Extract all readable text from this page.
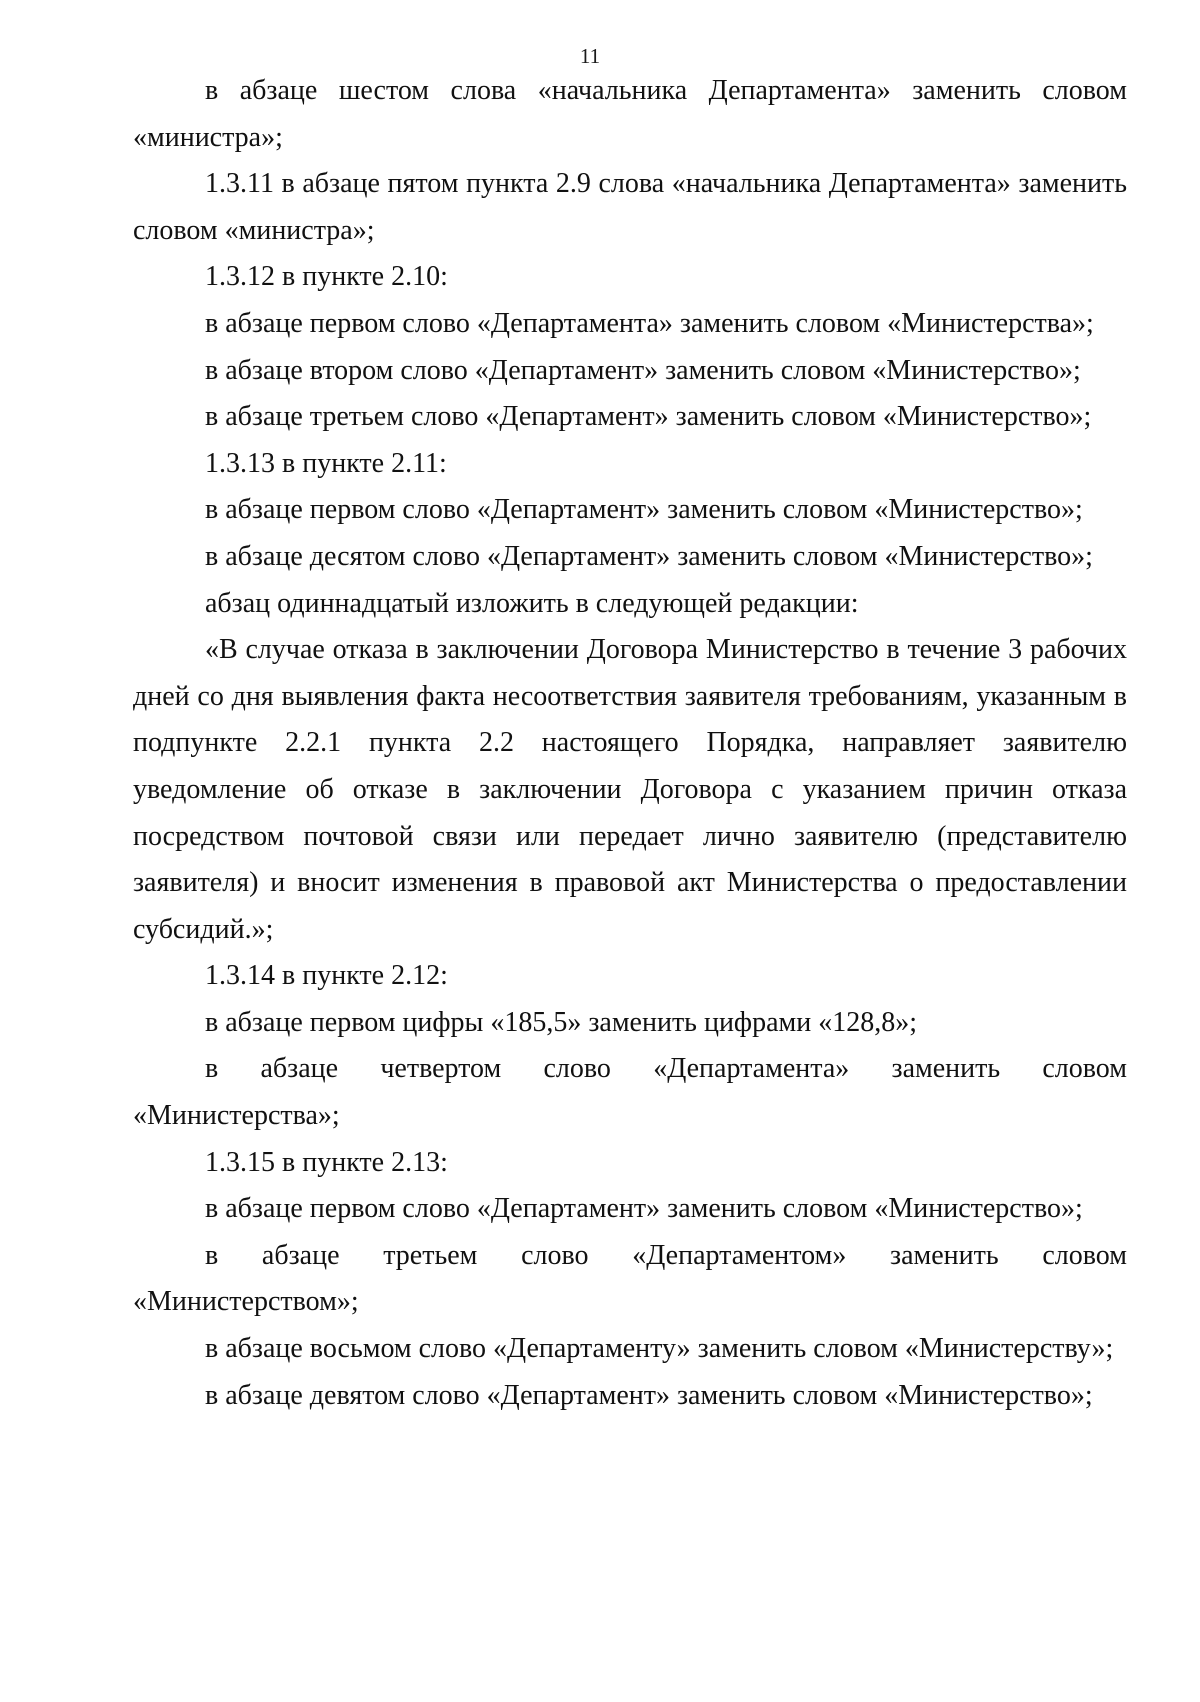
11

в абзаце шестом слова «начальника Департамента» заменить словом «министра»;

1.3.11 в абзаце пятом пункта 2.9 слова «начальника Департамента» заменить словом «министра»;

1.3.12 в пункте 2.10:

в абзаце первом слово «Департамента» заменить словом «Министерства»;

в абзаце втором слово «Департамент» заменить словом «Министерство»;

в абзаце третьем слово «Департамент» заменить словом «Министерство»;

1.3.13 в пункте 2.11:

в абзаце первом слово «Департамент» заменить словом «Министерство»;

в абзаце десятом слово «Департамент» заменить словом «Министерство»;

абзац одиннадцатый изложить в следующей редакции:

«В случае отказа в заключении Договора Министерство в течение 3 рабочих дней со дня выявления факта несоответствия заявителя требованиям, указанным в подпункте 2.2.1 пункта 2.2 настоящего Порядка, направляет заявителю уведомление об отказе в заключении Договора с указанием причин отказа посредством почтовой связи или передает лично заявителю (представителю заявителя) и вносит изменения в правовой акт Министерства о предоставлении субсидий.»;

1.3.14 в пункте 2.12:

в абзаце первом цифры «185,5» заменить цифрами «128,8»;

в абзаце четвертом слово «Департамента» заменить словом «Министерства»;

1.3.15 в пункте 2.13:

в абзаце первом слово «Департамент» заменить словом «Министерство»;

в абзаце третьем слово «Департаментом» заменить словом «Министерством»;

в абзаце восьмом слово «Департаменту» заменить словом «Министерству»;

в абзаце девятом слово «Департамент» заменить словом «Министерство»;
